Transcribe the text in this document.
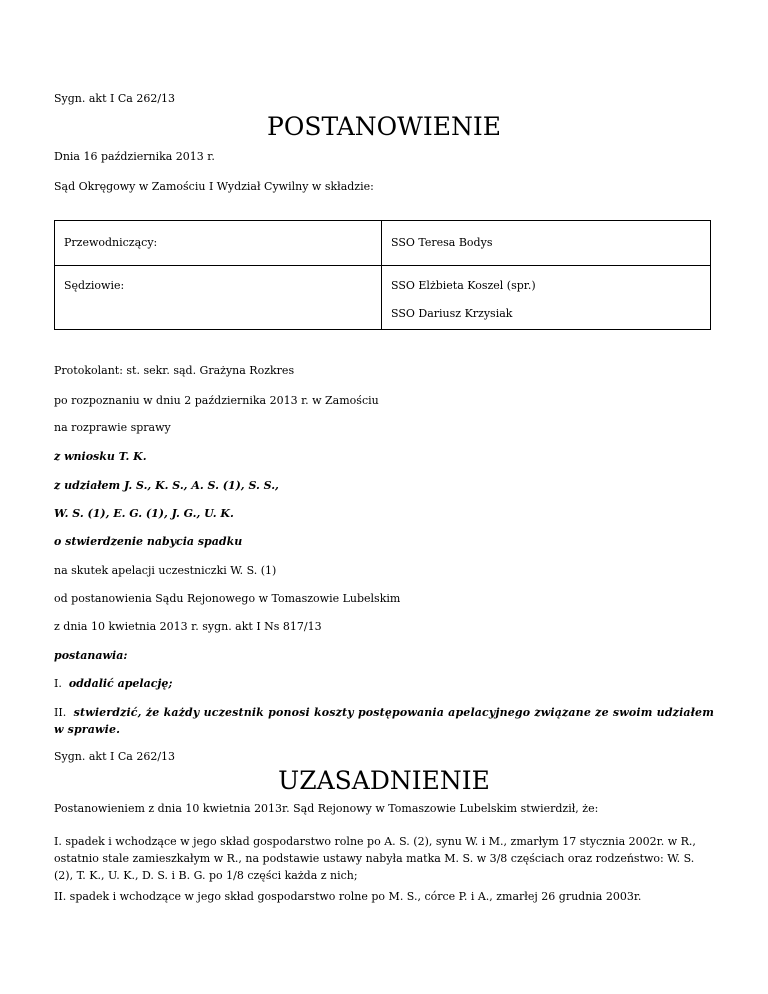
Sygn. akt I Ca 262/13
POSTANOWIENIE
Dnia 16 października 2013 r.
Sąd Okręgowy w Zamościu I Wydział Cywilny w składzie:
Przewodniczący:	SSO Teresa Bodys
Sędziowie:	SSO Elżbieta Koszel (spr.)
SSO Dariusz Krzysiak
Protokolant: st. sekr. sąd. Grażyna Rozkres
po rozpoznaniu w dniu 2 października 2013 r. w Zamościu
na rozprawie sprawy
z wniosku T. K.
z udziałem J. S., K. S., A. S. (1), S. S.,
W. S. (1), E. G. (1), J. G., U. K.
o stwierdzenie nabycia spadku
na skutek apelacji uczestniczki W. S. (1)
od postanowienia Sądu Rejonowego w Tomaszowie Lubelskim
z dnia 10 kwietnia 2013 r. sygn. akt I Ns 817/13
postanawia:
I. oddalić apelację;
II. stwierdzić, że każdy uczestnik ponosi koszty postępowania apelacyjnego związane ze swoim udziałem w sprawie.
Sygn. akt I Ca 262/13
UZASADNIENIE
Postanowieniem z dnia 10 kwietnia 2013r. Sąd Rejonowy w Tomaszowie Lubelskim stwierdził, że:
I. spadek i wchodzące w jego skład gospodarstwo rolne po A. S. (2), synu W. i M., zmarłym 17 stycznia 2002r. w R., ostatnio stale zamieszkałym w R., na podstawie ustawy nabyła matka M. S. w 3/8 częściach oraz rodzeństwo: W. S. (2), T. K., U. K., D. S. i B. G. po 1/8 części każda z nich;
II. spadek i wchodzące w jego skład gospodarstwo rolne po M. S., córce P. i A., zmarłej 26 grudnia 2003r.
